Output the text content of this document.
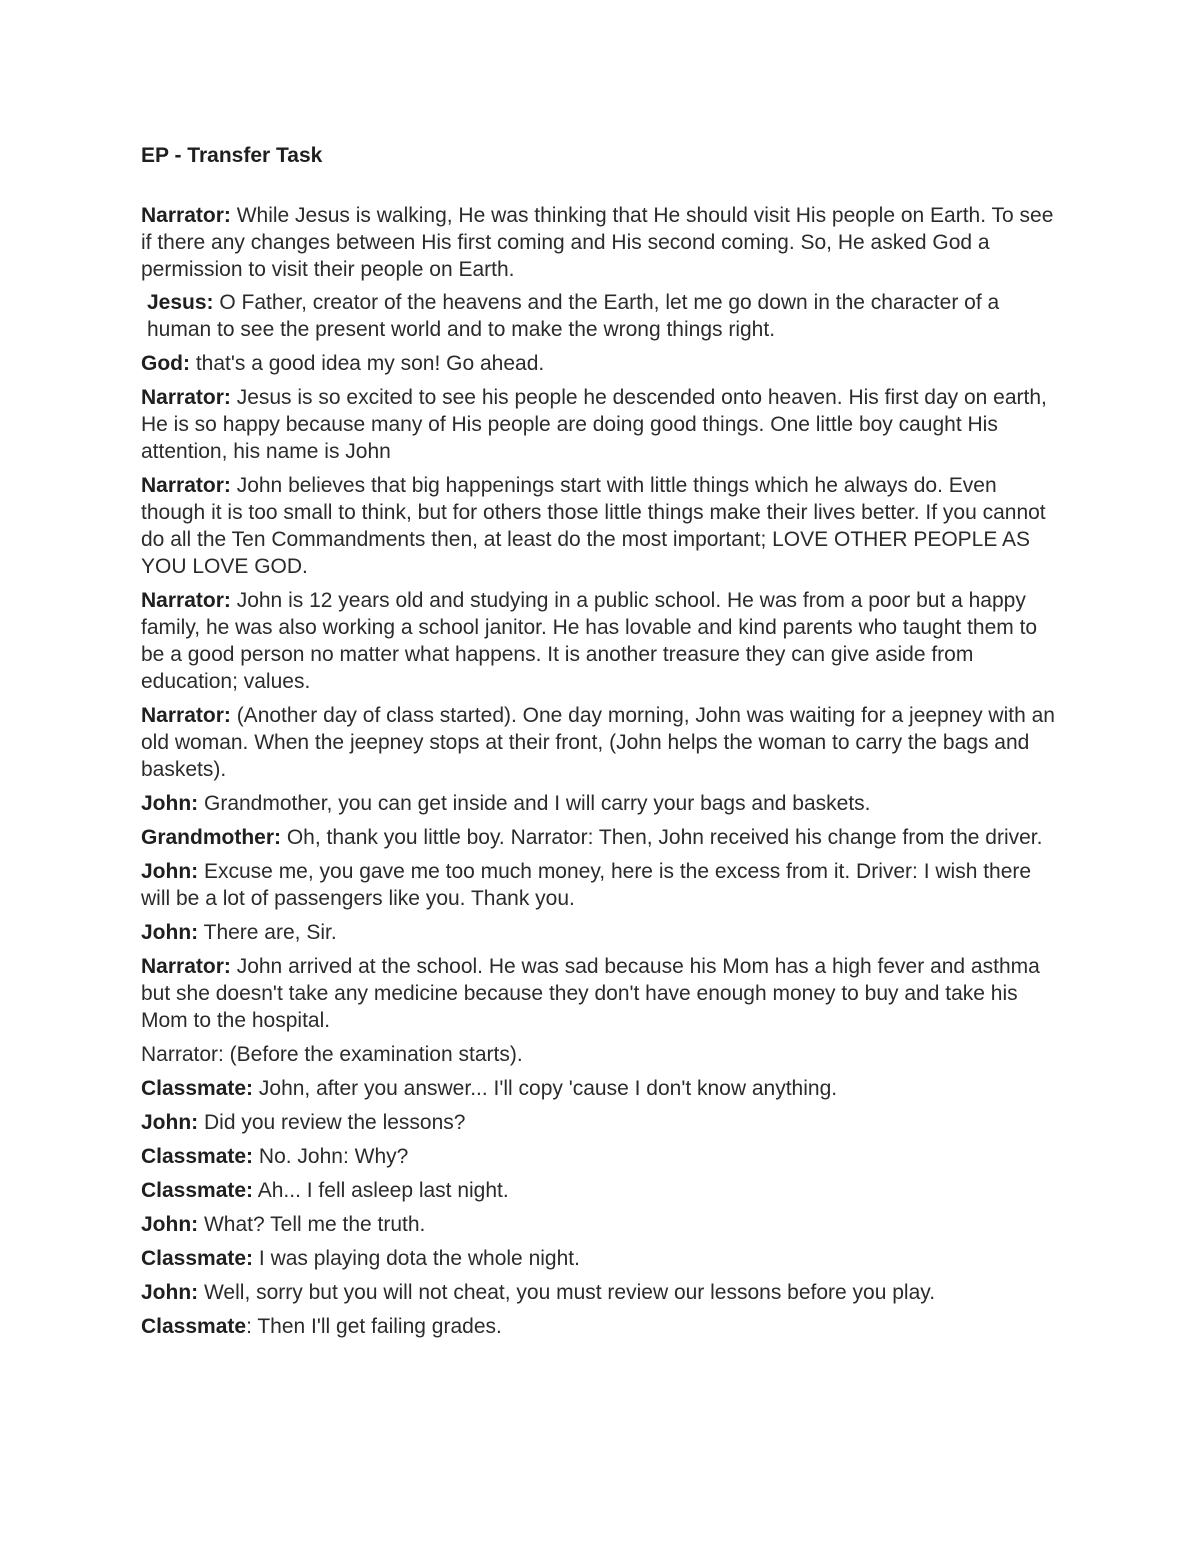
EP - Transfer Task

Narrator: While Jesus is walking, He was thinking that He should visit His people on Earth. To see if there any changes between His first coming and His second coming. So, He asked God a permission to visit their people on Earth.

Jesus: O Father, creator of the heavens and the Earth, let me go down in the character of a human to see the present world and to make the wrong things right.

God: that's a good idea my son! Go ahead.

Narrator: Jesus is so excited to see his people he descended onto heaven. His first day on earth, He is so happy because many of His people are doing good things. One little boy caught His attention, his name is John

Narrator: John believes that big happenings start with little things which he always do. Even though it is too small to think, but for others those little things make their lives better. If you cannot do all the Ten Commandments then, at least do the most important; LOVE OTHER PEOPLE AS YOU LOVE GOD.

Narrator: John is 12 years old and studying in a public school. He was from a poor but a happy family, he was also working a school janitor. He has lovable and kind parents who taught them to be a good person no matter what happens. It is another treasure they can give aside from education; values.

Narrator: (Another day of class started). One day morning, John was waiting for a jeepney with an old woman. When the jeepney stops at their front, (John helps the woman to carry the bags and baskets).

John: Grandmother, you can get inside and I will carry your bags and baskets.

Grandmother: Oh, thank you little boy. Narrator: Then, John received his change from the driver.

John: Excuse me, you gave me too much money, here is the excess from it. Driver: I wish there will be a lot of passengers like you. Thank you.

John: There are, Sir.

Narrator: John arrived at the school. He was sad because his Mom has a high fever and asthma but she doesn't take any medicine because they don't have enough money to buy and take his Mom to the hospital.

Narrator: (Before the examination starts).

Classmate: John, after you answer... I'll copy 'cause I don't know anything.

John: Did you review the lessons?

Classmate: No. John: Why?

Classmate: Ah... I fell asleep last night.

John: What? Tell me the truth.

Classmate: I was playing dota the whole night.

John: Well, sorry but you will not cheat, you must review our lessons before you play.

Classmate: Then I'll get failing grades.
